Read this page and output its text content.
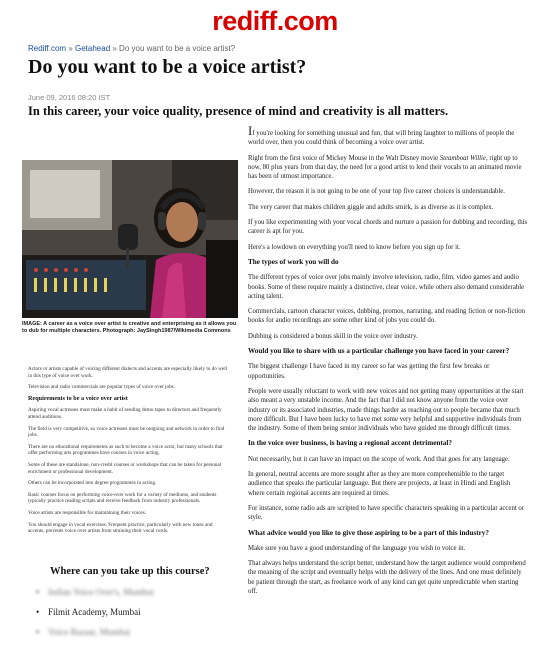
rediff.com
Rediff.com » Getahead » Do you want to be a voice artist?
Do you want to be a voice artist?
June 09, 2016 08:20 IST
In this career, your voice quality, presence of mind and creativity is all matters.
IMAGE: A career as a voice over artist is creative and enterprising as it allows you to dub for multiple characters. Photograph: JaySingh1987/Wikimedia Commons

Actors or artists capable of voicing different dialects and accents are especially likely to do well in this type of voice over work.

Television and radio commercials are popular types of voice over jobs.

Requirements to be a voice over artist

Aspiring vocal actresses must make a habit of sending demo tapes to directors and frequently attend auditions.

The field is very competitive, so voice actresses must be outgoing and network in order to find jobs.

There are no educational requirements as such to become a voice actor, but many schools that offer performing arts programmes have courses in voice acting.

Some of these are standalone, non-credit courses or workshops that can be taken for personal enrichment or professional development.

Others can be incorporated into degree programmes in acting.

Basic courses focus on performing voice-over work for a variety of mediums, and students typically practice reading scripts and receive feedback from industry professionals.

Voice artists are responsible for maintaining their voices.

You should engage in vocal exercises. Frequent practice, particularly with new tones and accents, prevents voice over artists from straining their vocal cords.

Where can you take up this course?
• Indian Voice Over's, Mumbai
• Filmit Academy, Mumbai
• Voice Bazaar, Mumbai

If you're looking for something unusual and fun, that will bring laughter to millions of people the world over, then you could think of becoming a voice over artist.

Right from the first voice of Mickey Mouse in the Walt Disney movie Steamboat Willie, right up to now, 80 plus years from that day, the need for a good artist to lend their vocals to an animated movie has been of utmost importance.

However, the reason it is not going to be one of your top five career choices is understandable.

The very career that makes children giggle and adults smirk, is as diverse as it is complex.

If you like experimenting with your vocal chords and nurture a passion for dubbing and recording, this career is apt for you.

Here's a lowdown on everything you'll need to know before you sign up for it.

The types of work you will do

The different types of voice over jobs mainly involve television, radio, film, video games and audio books. Some of these require mainly a distinctive, clear voice, while others also demand considerable acting talent.

Commercials, cartoon character voices, dubbing, promos, narrating, and reading fiction or non-fiction books for audio recordings are some other kind of jobs you could do.

Dubbing is considered a bonus skill in the voice over industry.

Would you like to share with us a particular challenge you have faced in your career?

The biggest challenge I have faced in my career so far was getting the first few breaks or opportunities.

People were usually reluctant to work with new voices and not getting many opportunities at the start also meant a very unstable income. And the fact that I did not know anyone from the voice over industry or its associated industries, made things harder as reaching out to people became that much more difficult. But I have been lucky to have met some very helpful and supportive individuals from the industry. Some of them being senior individuals who have guided me through difficult times.

In the voice over business, is having a regional accent detrimental?

Not necessarily, but it can have an impact on the scope of work. And that goes for any language.

In general, neutral accents are more sought after as they are more comprehensible to the target audience that speaks the particular language. But there are projects, at least in Hindi and English where certain regional accents are required at times.

For instance, some radio ads are scripted to have specific characters speaking in a particular accent or style.

What advice would you like to give those aspiring to be a part of this industry?

Make sure you have a good understanding of the language you wish to voice in.

That always helps understand the script better, understand how the target audience would comprehend the meaning of the script and eventually helps with the delivery of the lines. And one must definitely be patient through the start, as freelance work of any kind can get quite unpredictable when starting off.
